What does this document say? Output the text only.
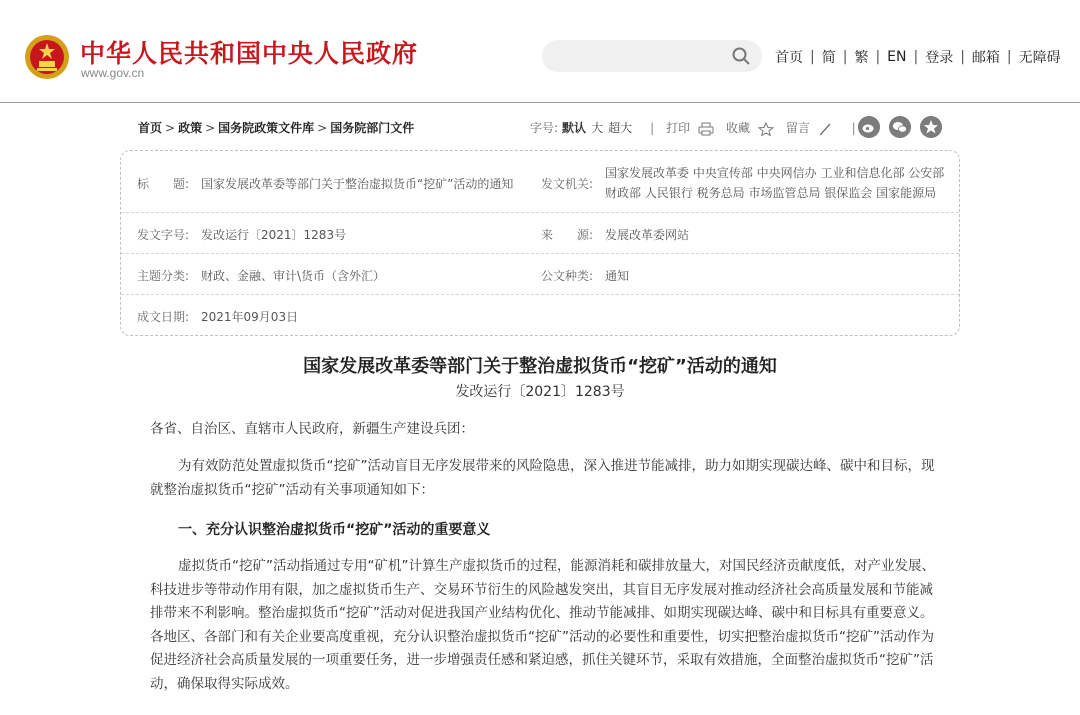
中华人民共和国中央人民政府
www.gov.cn
首页 | 简 | 繁 | EN | 登录 | 邮箱 | 无障碍
首页 > 政策 > 国务院政策文件库 > 国务院部门文件	字号: 默认 大 超大 | 打印	收藏	留言	|
标　　题: 国家发展改革委等部门关于整治虚拟货币“挖矿”活动的通知 发文机关:
国家发展改革委 中央宣传部 中央网信办 工业和信息化部 公安部
财政部 人民银行 税务总局 市场监管总局 银保监会 国家能源局
发文字号: 发改运行〔2021〕1283号	来　　源: 发展改革委网站
主题分类: 财政、金融、审计\货币（含外汇）	公文种类: 通知
成文日期: 2021年09月03日
国家发展改革委等部门关于整治虚拟货币“挖矿”活动的通知
发改运行〔2021〕1283号
各省、自治区、直辖市人民政府，新疆生产建设兵团：
为有效防范处置虚拟货币“挖矿”活动盲目无序发展带来的风险隐患，深入推进节能减排，助力如期实现碳达峰、碳中和目标，现就整治虚拟货币“挖矿”活动有关事项通知如下：
一、充分认识整治虚拟货币“挖矿”活动的重要意义
虚拟货币“挖矿”活动指通过专用“矿机”计算生产虚拟货币的过程，能源消耗和碳排放量大，对国民经济贡献度低，对产业发展、科技进步等带动作用有限，加之虚拟货币生产、交易环节衍生的风险越发突出，其盲目无序发展对推动经济社会高质量发展和节能减排带来不利影响。整治虚拟货币“挖矿”活动对促进我国产业结构优化、推动节能减排、如期实现碳达峰、碳中和目标具有重要意义。各地区、各部门和有关企业要高度重视，充分认识整治虚拟货币“挖矿”活动的必要性和重要性，切实把整治虚拟货币“挖矿”活动作为促进经济社会高质量发展的一项重要任务，进一步增强责任感和紧迫感，抓住关键环节，采取有效措施，全面整治虚拟货币“挖矿”活动，确保取得实际成效。
